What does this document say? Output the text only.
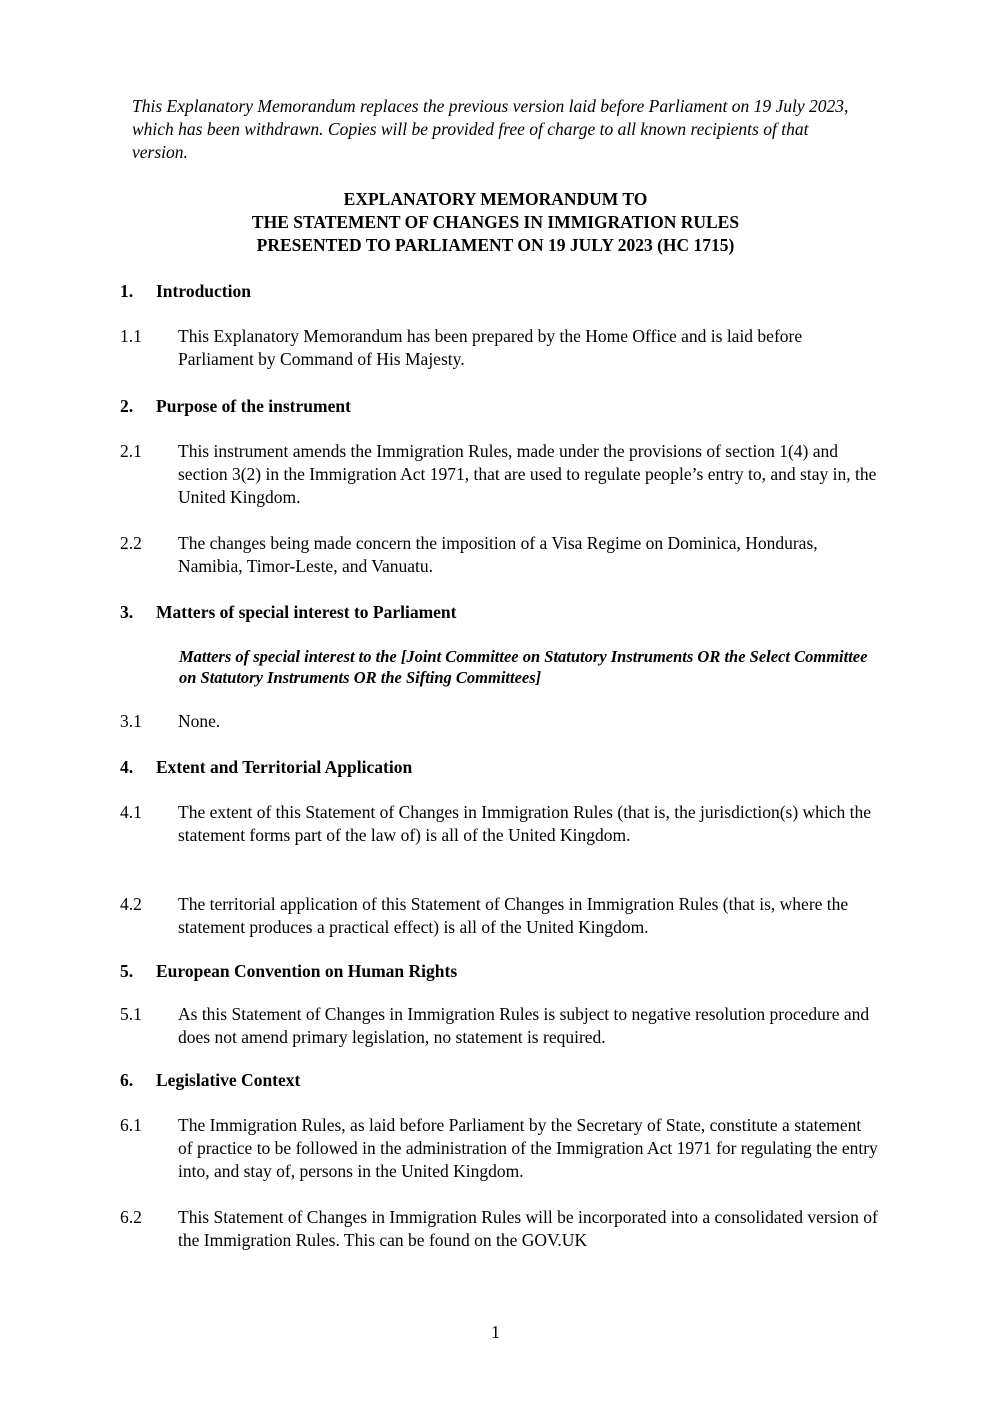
This Explanatory Memorandum replaces the previous version laid before Parliament on 19 July 2023, which has been withdrawn. Copies will be provided free of charge to all known recipients of that version.
EXPLANATORY MEMORANDUM TO
THE STATEMENT OF CHANGES IN IMMIGRATION RULES
PRESENTED TO PARLIAMENT ON 19 JULY 2023 (HC 1715)
1. Introduction
1.1 This Explanatory Memorandum has been prepared by the Home Office and is laid before Parliament by Command of His Majesty.
2. Purpose of the instrument
2.1 This instrument amends the Immigration Rules, made under the provisions of section 1(4) and section 3(2) in the Immigration Act 1971, that are used to regulate people’s entry to, and stay in, the United Kingdom.
2.2 The changes being made concern the imposition of a Visa Regime on Dominica, Honduras, Namibia, Timor-Leste, and Vanuatu.
3. Matters of special interest to Parliament
Matters of special interest to the [Joint Committee on Statutory Instruments OR the Select Committee on Statutory Instruments OR the Sifting Committees]
3.1 None.
4. Extent and Territorial Application
4.1 The extent of this Statement of Changes in Immigration Rules (that is, the jurisdiction(s) which the statement forms part of the law of) is all of the United Kingdom.
4.2 The territorial application of this Statement of Changes in Immigration Rules (that is, where the statement produces a practical effect) is all of the United Kingdom.
5. European Convention on Human Rights
5.1 As this Statement of Changes in Immigration Rules is subject to negative resolution procedure and does not amend primary legislation, no statement is required.
6. Legislative Context
6.1 The Immigration Rules, as laid before Parliament by the Secretary of State, constitute a statement of practice to be followed in the administration of the Immigration Act 1971 for regulating the entry into, and stay of, persons in the United Kingdom.
6.2 This Statement of Changes in Immigration Rules will be incorporated into a consolidated version of the Immigration Rules. This can be found on the GOV.UK
1
